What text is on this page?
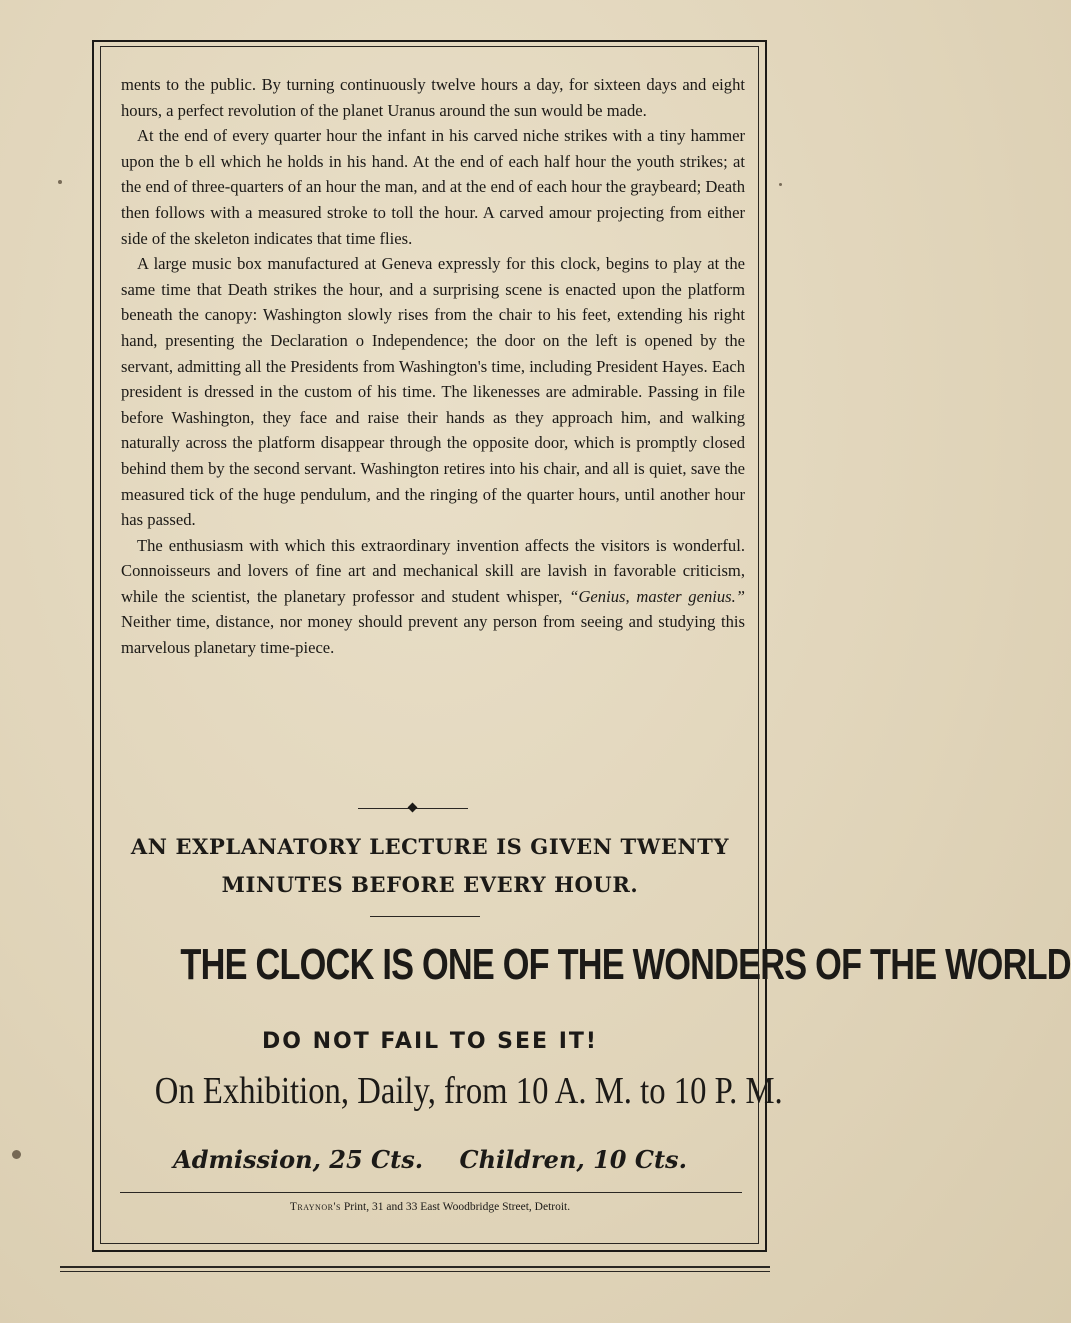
ments to the public. By turning continuously twelve hours a day, for sixteen days and eight hours, a perfect revolution of the planet Uranus around the sun would be made.

At the end of every quarter hour the infant in his carved niche strikes with a tiny hammer upon the b ell which he holds in his hand. At the end of each half hour the youth strikes; at the end of three-quarters of an hour the man, and at the end of each hour the graybeard; Death then follows with a measured stroke to toll the hour. A carved amour projecting from either side of the skeleton indicates that time flies.

A large music box manufactured at Geneva expressly for this clock, begins to play at the same time that Death strikes the hour, and a surprising scene is enacted upon the platform beneath the canopy: Washington slowly rises from the chair to his feet, extending his right hand, presenting the Declaration o Independence; the door on the left is opened by the servant, admitting all the Presidents from Washington's time, including President Hayes. Each president is dressed in the custom of his time. The likenesses are admirable. Passing in file before Washington, they face and raise their hands as they approach him, and walking naturally across the platform disappear through the opposite door, which is promptly closed behind them by the second servant. Washington retires into his chair, and all is quiet, save the measured tick of the huge pendulum, and the ringing of the quarter hours, until another hour has passed.

The enthusiasm with which this extraordinary invention affects the visitors is wonderful. Connoisseurs and lovers of fine art and mechanical skill are lavish in favorable criticism, while the scientist, the planetary professor and student whisper, “Genius, master genius.” Neither time, distance, nor money should prevent any person from seeing and studying this marvelous planetary time-piece.

AN EXPLANATORY LECTURE IS GIVEN TWENTY
MINUTES BEFORE EVERY HOUR.
THE CLOCK IS ONE OF THE WONDERS OF THE WORLD
DO NOT FAIL TO SEE IT!
On Exhibition, Daily, from 10 A. M. to 10 P. M.
Admission, 25 Cts. Children, 10 Cts.
Traynor's Print, 31 and 33 East Woodbridge Street, Detroit.
